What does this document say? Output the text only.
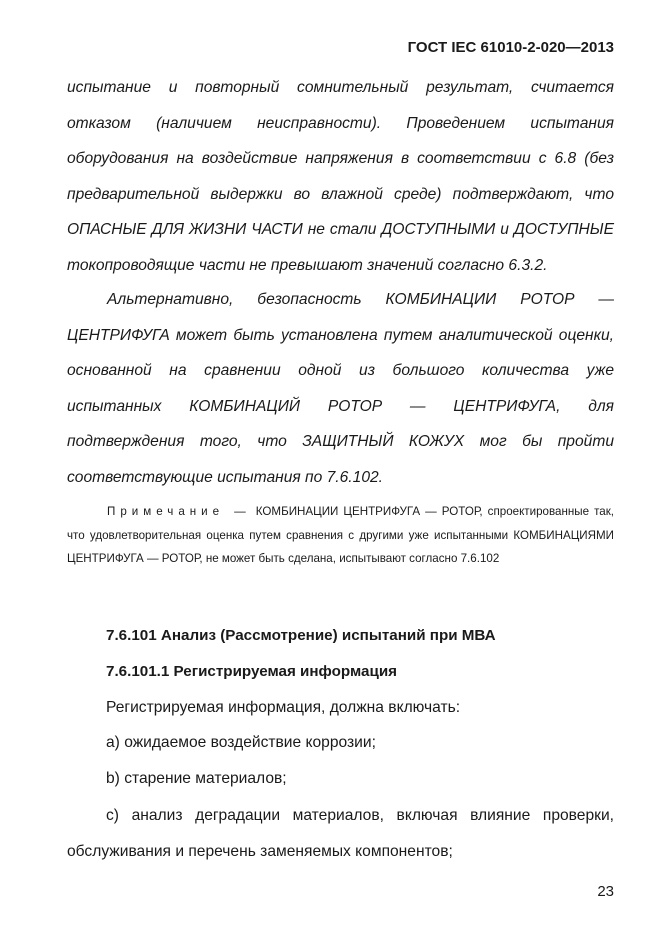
ГОСТ IEC 61010-2-020—2013

испытание и повторный сомнительный результат, считается отказом (наличием неисправности). Проведением испытания оборудования на воздействие напряжения в соответствии с 6.8 (без предварительной выдержки во влажной среде) подтверждают, что ОПАСНЫЕ ДЛЯ ЖИЗНИ ЧАСТИ не стали ДОСТУПНЫМИ и ДОСТУПНЫЕ токопроводящие части не превышают значений согласно 6.3.2.

Альтернативно, безопасность КОМБИНАЦИИ РОТОР — ЦЕНТРИФУГА может быть установлена путем аналитической оценки, основанной на сравнении одной из большого количества уже испытанных КОМБИНАЦИЙ РОТОР — ЦЕНТРИФУГА, для подтверждения того, что ЗАЩИТНЫЙ КОЖУХ мог бы пройти соответствующие испытания по 7.6.102.

Примечание — КОМБИНАЦИИ ЦЕНТРИФУГА — РОТОР, спроектированные так, что удовлетворительная оценка путем сравнения с другими уже испытанными КОМБИНАЦИЯМИ ЦЕНТРИФУГА — РОТОР, не может быть сделана, испытывают согласно 7.6.102

7.6.101 Анализ (Рассмотрение) испытаний при МВА

7.6.101.1 Регистрируемая информация

Регистрируемая информация, должна включать:

a) ожидаемое воздействие коррозии;

b) старение материалов;

c) анализ деградации материалов, включая влияние проверки, обслуживания и перечень заменяемых компонентов;

23
